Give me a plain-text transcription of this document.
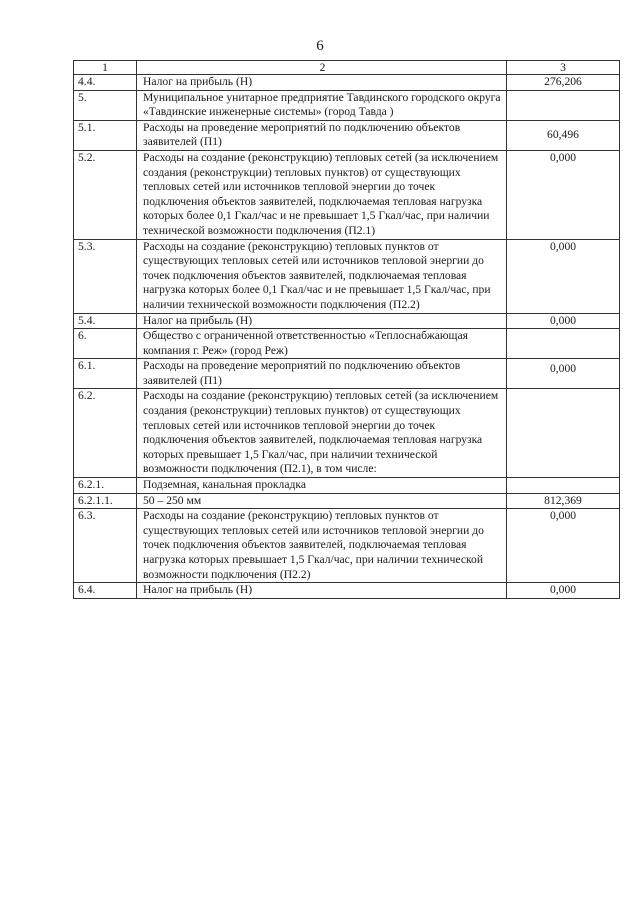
6
1	2	3
4.4.	Налог на прибыль (Н)	276,206
5.	Муниципальное унитарное предприятие Тавдинского городского округа «Тавдинские инженерные системы» (город Тавда )	
5.1.	Расходы на проведение мероприятий по подключению объектов заявителей (П1)	60,496
5.2.	Расходы на создание (реконструкцию) тепловых сетей (за исключением создания (реконструкции) тепловых пунктов) от существующих тепловых сетей или источников тепловой энергии до точек подключения объектов заявителей, подключаемая тепловая нагрузка которых более 0,1 Гкал/час и не превышает 1,5 Гкал/час, при наличии технической возможности подключения (П2.1)	0,000
5.3.	Расходы на создание (реконструкцию) тепловых пунктов от существующих тепловых сетей или источников тепловой энергии до точек подключения объектов заявителей, подключаемая тепловая нагрузка которых более 0,1 Гкал/час и не превышает 1,5 Гкал/час, при наличии технической возможности подключения (П2.2)	0,000
5.4.	Налог на прибыль (Н)	0,000
6.	Общество с ограниченной ответственностью «Теплоснабжающая компания г. Реж» (город Реж)	
6.1.	Расходы на проведение мероприятий по подключению объектов заявителей (П1)	0,000
6.2.	Расходы на создание (реконструкцию) тепловых сетей (за исключением создания (реконструкции) тепловых пунктов) от существующих тепловых сетей или источников тепловой энергии до точек подключения объектов заявителей, подключаемая тепловая нагрузка которых превышает 1,5 Гкал/час, при наличии технической возможности подключения (П2.1), в том числе:	
6.2.1.	Подземная, канальная прокладка	
6.2.1.1.	50 – 250 мм	812,369
6.3.	Расходы на создание (реконструкцию) тепловых пунктов от существующих тепловых сетей или источников тепловой энергии до точек подключения объектов заявителей, подключаемая тепловая нагрузка которых превышает 1,5 Гкал/час, при наличии технической возможности подключения (П2.2)	0,000
6.4.	Налог на прибыль (Н)	0,000
